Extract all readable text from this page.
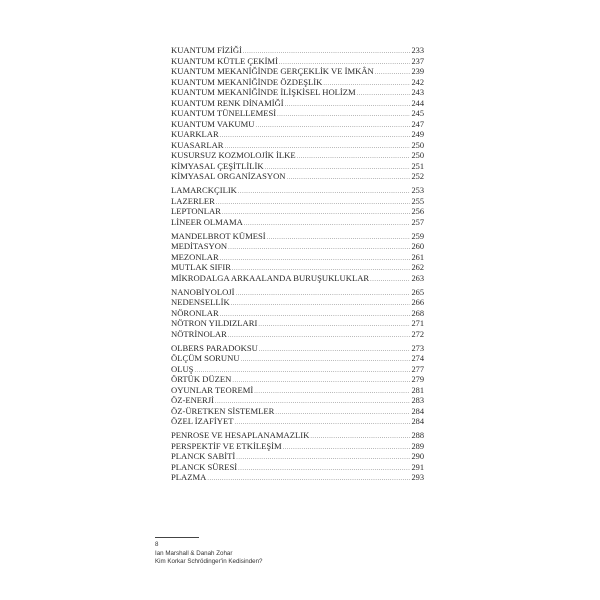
KUANTUM FİZİĞİ .....	233
KUANTUM KÜTLE ÇEKİMİ .....	237
KUANTUM MEKANİĞİNDE GERÇEKLİK VE İMKÂN .....	239
KUANTUM MEKANİĞİNDE ÖZDEŞLİK .....	242
KUANTUM MEKANİĞİNDE İLİŞKİSEL HOLİZM .....	243
KUANTUM RENK DİNAMİĞİ .....	244
KUANTUM TÜNELLEMESİ .....	245
KUANTUM VAKUMU .....	247
KUARKLAR .....	249
KUASARLAR .....	250
KUSURSUZ KOZMOLOJİK İLKE .....	250
KİMYASAL ÇEŞİTLİLİK .....	251
KİMYASAL ORGANİZASYON .....	252
LAMARCKÇILIK .....	253
LAZERLER .....	255
LEPTONLAR .....	256
LİNEER OLMAMA .....	257
MANDELBROT KÜMESİ .....	259
MEDİTASYON .....	260
MEZONLAR .....	261
MUTLAK SIFIR .....	262
MİKRODALGA ARKAALANDA BURUŞUKLUKLAR .....	263
NANOBİYOLOJİ .....	265
NEDENSELLİK .....	266
NÖRONLAR .....	268
NÖTRON YILDIZLARI .....	271
NÖTRİNOLAR .....	272
OLBERS PARADOKSU .....	273
ÖLÇÜM SORUNU .....	274
OLUŞ .....	277
ÖRTÜK DÜZEN .....	279
OYUNLAR TEOREMİ .....	281
ÖZ-ENERJİ .....	283
ÖZ-ÜRETKEN SİSTEMLER .....	284
ÖZEL İZAFİYET .....	284
PENROSE VE HESAPLANAMAZLIK .....	288
PERSPEKTİF VE ETKİLEŞİM .....	289
PLANCK SABİTİ .....	290
PLANCK SÜRESİ .....	291
PLAZMA .....	293
8
Ian Marshall & Danah Zohar
Kim Korkar Schrödinger'in Kedisinden?
